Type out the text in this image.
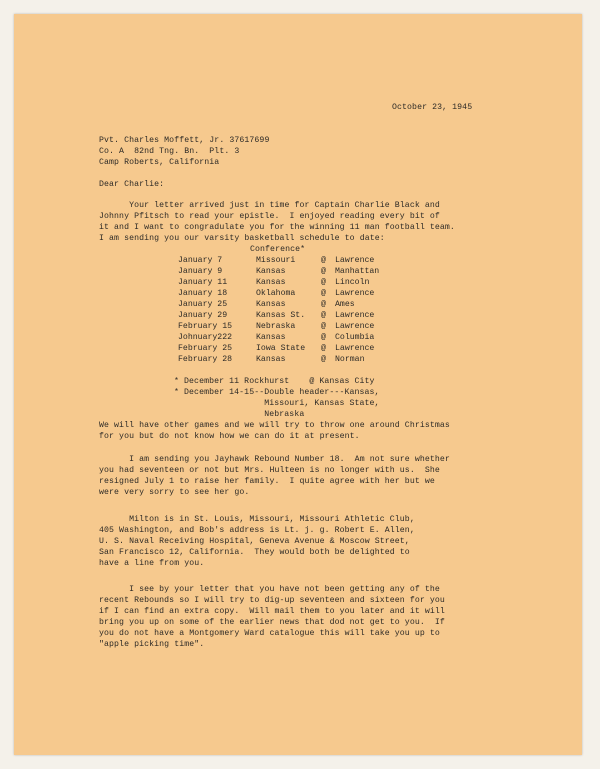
October 23, 1945
Pvt. Charles Moffett, Jr. 37617699
Co. A  82nd Tng. Bn.  Plt. 3
Camp Roberts, California
Dear Charlie:
Your letter arrived just in time for Captain Charlie Black and
Johnny Pfitsch to read your epistle.  I enjoyed reading every bit of
it and I want to congradulate you for the winning 11 man football team.
I am sending you our varsity basketball schedule to date:
Conference*
January 7	Missouri	@ Lawrence
January 9	Kansas	@ Manhattan
January 11	Kansas	@ Lincoln
January 18	Oklahoma	@ Lawrence
January 25	Kansas	@ Ames
January 29	Kansas St. @ Lawrence
February 15	Nebraska	@ Lawrence
Johnuary222	Kansas	@ Columbia
February 25	Iowa State @ Lawrence
February 28	Kansas	@ Norman
* December 11 Rockhurst    @ Kansas City
* December 14-15--Double header---Kansas,
Missouri, Kansas State,
Nebraska
We will have other games and we will try to throw one around Christmas
for you but do not know how we can do it at present.
I am sending you Jayhawk Rebound Number 18.  Am not sure whether
you had seventeen or not but Mrs. Hulteen is no longer with us.  She
resigned July 1 to raise her family.  I quite agree with her but we
were very sorry to see her go.
Milton is in St. Louis, Missouri, Missouri Athletic Club,
405 Washington, and Bob's address is Lt. j. g. Robert E. Allen,
U. S. Naval Receiving Hospital, Geneva Avenue & Moscow Street,
San Francisco 12, California.  They would both be delighted to
have a line from you.
I see by your letter that you have not been getting any of the
recent Rebounds so I will try to dig-up seventeen and sixteen for you
if I can find an extra copy.  Will mail them to you later and it will
bring you up on some of the earlier news that dod not get to you.  If
you do not have a Montgomery Ward catalogue this will take you up to
"apple picking time".
